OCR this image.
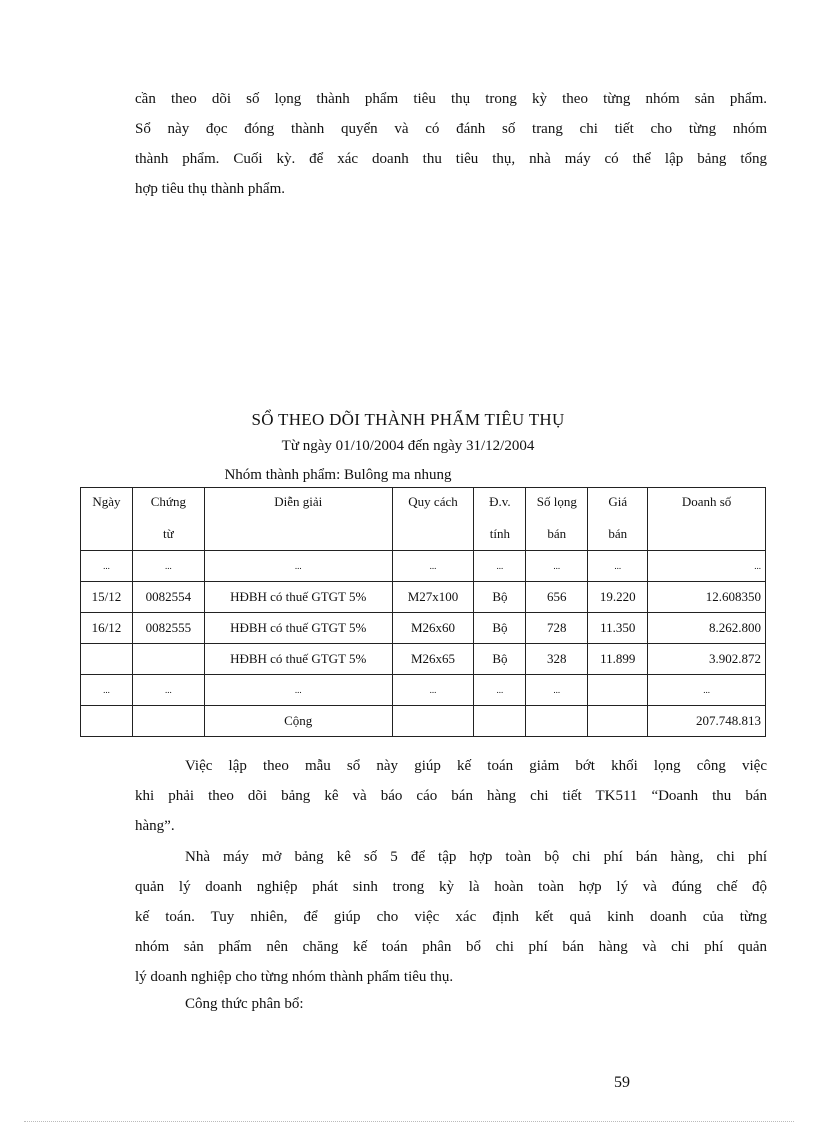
cần theo dõi số lọng thành phẩm tiêu thụ trong kỳ theo từng nhóm sản phẩm.
Sổ này đọc đóng thành quyển và có đánh số trang chi tiết cho từng nhóm
thành phẩm. Cuối kỳ. để xác doanh thu tiêu thụ, nhà máy có thể lập bảng tổng
hợp tiêu thụ thành phẩm.
SỔ THEO DÕI THÀNH PHẨM TIÊU THỤ
Từ ngày 01/10/2004 đến ngày 31/12/2004
Nhóm thành phẩm: Bulông ma nhung
Ngày	Chứng	Diễn giải	Quy cách	Đ.v.	Số lọng	Giá	Doanh số
	từ			tính	bán	bán	
...	...	...	...	...	...	...	...
15/12	0082554	HĐBH có thuế GTGT 5%	M27x100	Bộ	656	19.220	12.608350
16/12	0082555	HĐBH có thuế GTGT 5%	M26x60	Bộ	728	11.350	8.262.800
		HĐBH có thuế GTGT 5%	M26x65	Bộ	328	11.899	3.902.872
...	...	...	...	...	...		...
		Cộng					207.748.813
Việc lập theo mẫu sổ này giúp kế toán giảm bớt khối lọng công việc
khi phải theo dõi bảng kê và báo cáo bán hàng chi tiết TK511 “Doanh thu bán
hàng”.
Nhà máy mở bảng kê số 5 để tập hợp toàn bộ chi phí bán hàng, chi phí
quản lý doanh nghiệp phát sinh trong kỳ là hoàn toàn hợp lý và đúng chế độ
kế toán. Tuy nhiên, để giúp cho việc xác định kết quả kinh doanh của từng
nhóm sản phẩm nên chăng kế toán phân bổ chi phí bán hàng và chi phí quản
lý doanh nghiệp cho từng nhóm thành phẩm tiêu thụ.
Công thức phân bổ:
59
